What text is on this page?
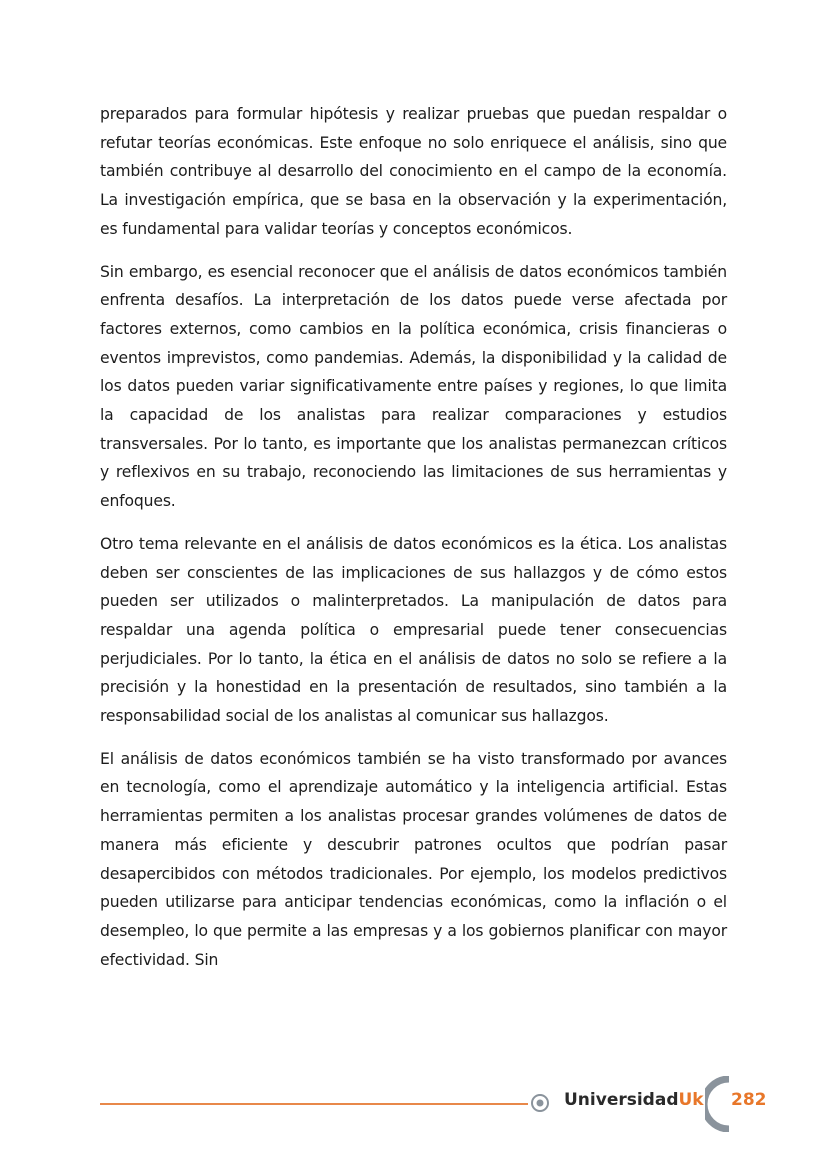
preparados para formular hipótesis y realizar pruebas que puedan respaldar o refutar teorías económicas. Este enfoque no solo enriquece el análisis, sino que también contribuye al desarrollo del conocimiento en el campo de la economía. La investigación empírica, que se basa en la observación y la experimentación, es fundamental para validar teorías y conceptos económicos.

Sin embargo, es esencial reconocer que el análisis de datos económicos también enfrenta desafíos. La interpretación de los datos puede verse afectada por factores externos, como cambios en la política económica, crisis financieras o eventos imprevistos, como pandemias. Además, la disponibilidad y la calidad de los datos pueden variar significativamente entre países y regiones, lo que limita la capacidad de los analistas para realizar comparaciones y estudios transversales. Por lo tanto, es importante que los analistas permanezcan críticos y reflexivos en su trabajo, reconociendo las limitaciones de sus herramientas y enfoques.

Otro tema relevante en el análisis de datos económicos es la ética. Los analistas deben ser conscientes de las implicaciones de sus hallazgos y de cómo estos pueden ser utilizados o malinterpretados. La manipulación de datos para respaldar una agenda política o empresarial puede tener consecuencias perjudiciales. Por lo tanto, la ética en el análisis de datos no solo se refiere a la precisión y la honestidad en la presentación de resultados, sino también a la responsabilidad social de los analistas al comunicar sus hallazgos.

El análisis de datos económicos también se ha visto transformado por avances en tecnología, como el aprendizaje automático y la inteligencia artificial. Estas herramientas permiten a los analistas procesar grandes volúmenes de datos de manera más eficiente y descubrir patrones ocultos que podrían pasar desapercibidos con métodos tradicionales. Por ejemplo, los modelos predictivos pueden utilizarse para anticipar tendencias económicas, como la inflación o el desempleo, lo que permite a las empresas y a los gobiernos planificar con mayor efectividad. Sin

UniversidadUk 282
